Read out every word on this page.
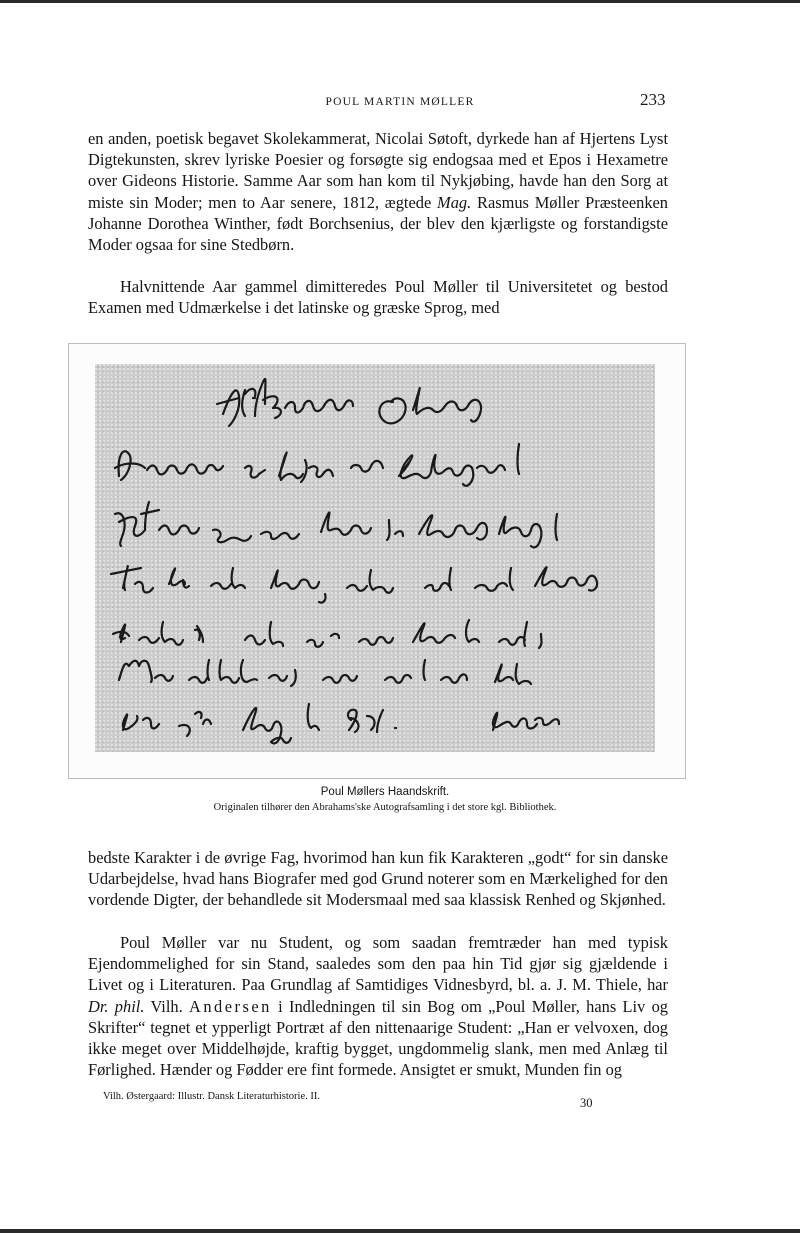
POUL MARTIN MØLLER	233

en anden, poetisk begavet Skolekammerat, Nicolai Søtoft, dyrkede han af Hjertens Lyst Digtekunsten, skrev lyriske Poesier og forsøgte sig endogsaa med et Epos i Hexametre over Gideons Historie. Samme Aar som han kom til Nykjøbing, havde han den Sorg at miste sin Moder; men to Aar senere, 1812, ægtede Mag. Rasmus Møller Præsteenken Johanne Dorothea Winther, født Borchsenius, der blev den kjærligste og forstandigste Moder ogsaa for sine Stedbørn.

Halvnittende Aar gammel dimitteredes Poul Møller til Universitetet og bestod Examen med Udmærkelse i det latinske og græske Sprog, med

Poul Møllers Haandskrift.
Originalen tilhører den Abrahams'ske Autografsamling i det store kgl. Bibliothek.

bedste Karakter i de øvrige Fag, hvorimod han kun fik Karakteren „godt“ for sin danske Udarbejdelse, hvad hans Biografer med god Grund noterer som en Mærkelighed for den vordende Digter, der behandlede sit Modersmaal med saa klassisk Renhed og Skjønhed.

Poul Møller var nu Student, og som saadan fremtræder han med typisk Ejendommelighed for sin Stand, saaledes som den paa hin Tid gjør sig gjældende i Livet og i Literaturen. Paa Grundlag af Samtidiges Vidnesbyrd, bl. a. J. M. Thiele, har Dr. phil. Vilh. Andersen i Indledningen til sin Bog om „Poul Møller, hans Liv og Skrifter“ tegnet et ypperligt Portræt af den nittenaarige Student: „Han er velvoxen, dog ikke meget over Middelhøjde, kraftig bygget, ungdommelig slank, men med Anlæg til Førlighed. Hænder og Fødder ere fint formede. Ansigtet er smukt, Munden fin og

Vilh. Østergaard: Illustr. Dansk Literaturhistorie. II.	30
